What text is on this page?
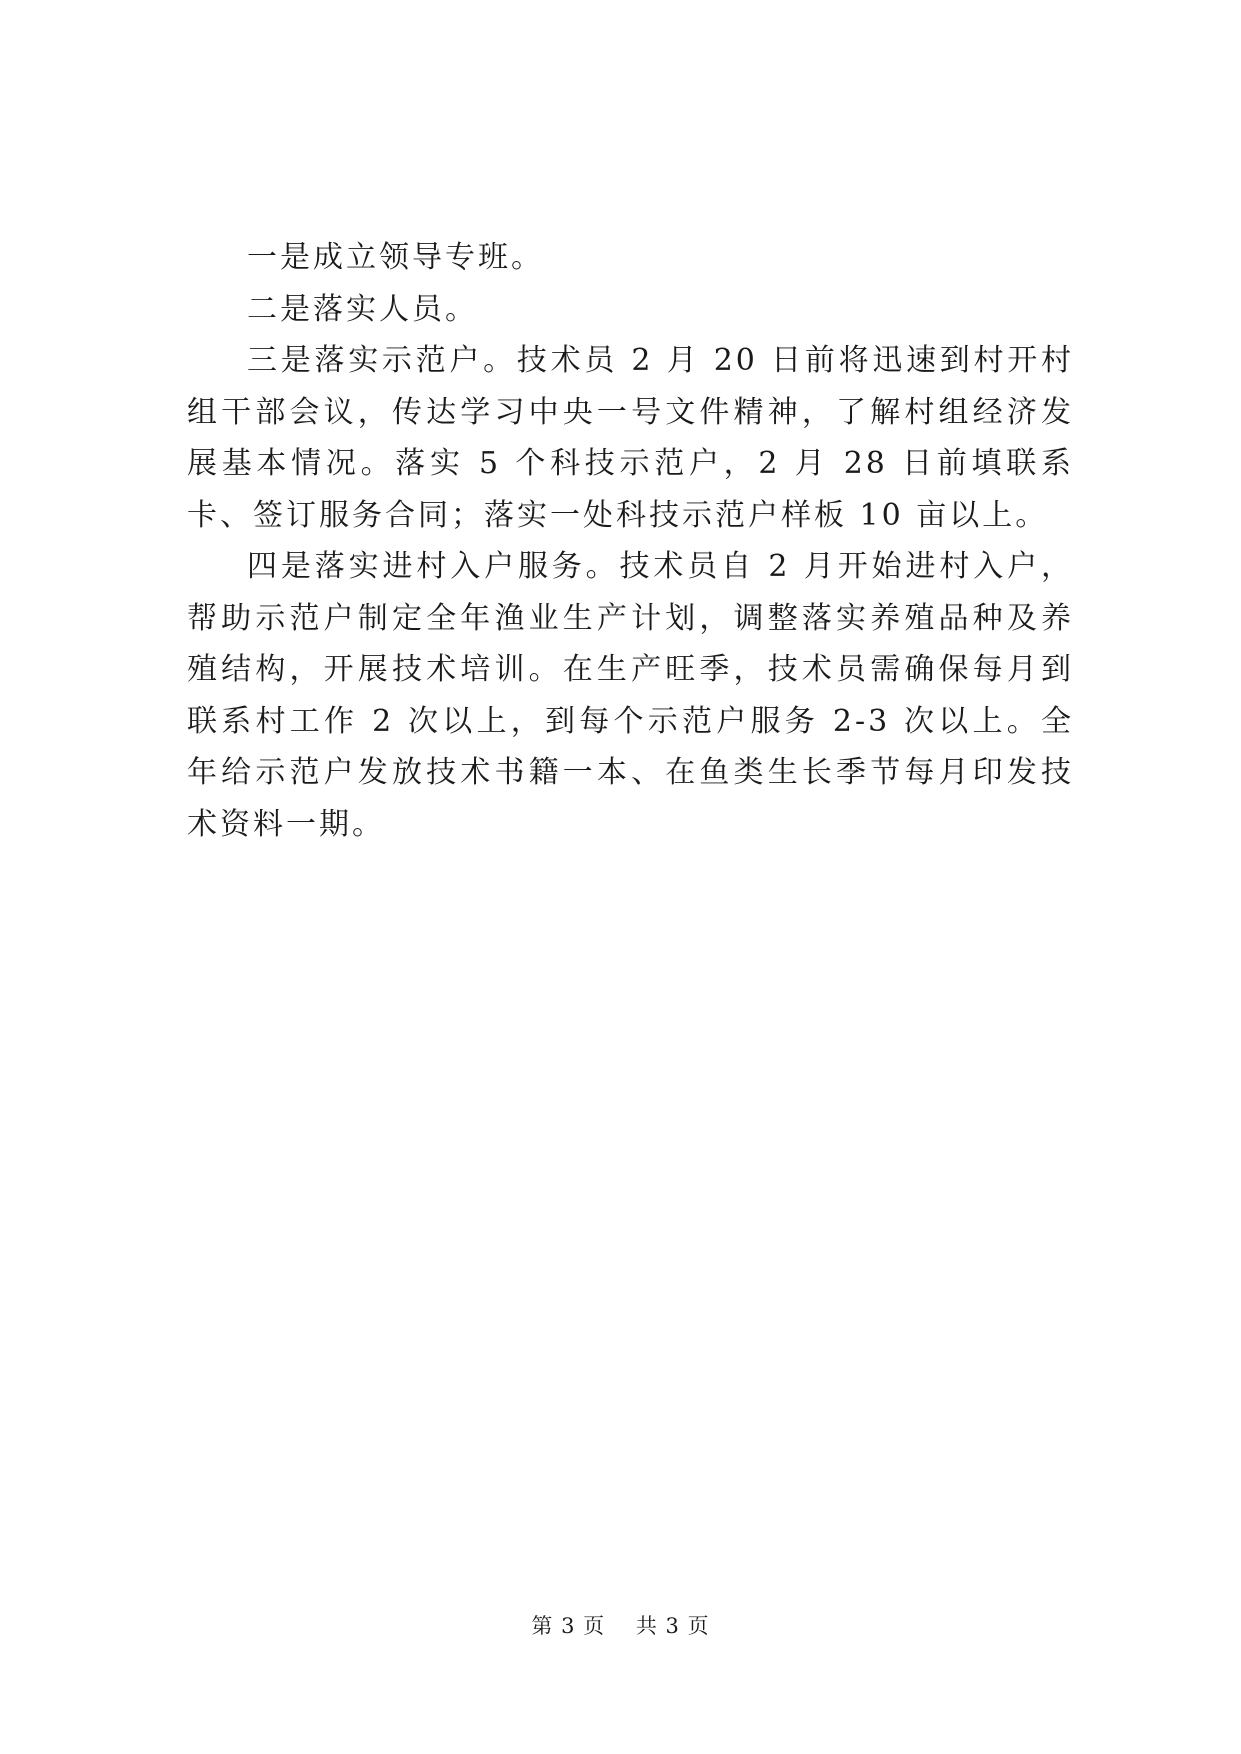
一是成立领导专班。

二是落实人员。

三是落实示范户。技术员 2 月 20 日前将迅速到村开村组干部会议，传达学习中央一号文件精神，了解村组经济发展基本情况。落实 5 个科技示范户，2 月 28 日前填联系卡、签订服务合同；落实一处科技示范户样板 10 亩以上。

四是落实进村入户服务。技术员自 2 月开始进村入户，帮助示范户制定全年渔业生产计划，调整落实养殖品种及养殖结构，开展技术培训。在生产旺季，技术员需确保每月到联系村工作 2 次以上，到每个示范户服务 2-3 次以上。全年给示范户发放技术书籍一本、在鱼类生长季节每月印发技术资料一期。

第 3 页 共 3 页
